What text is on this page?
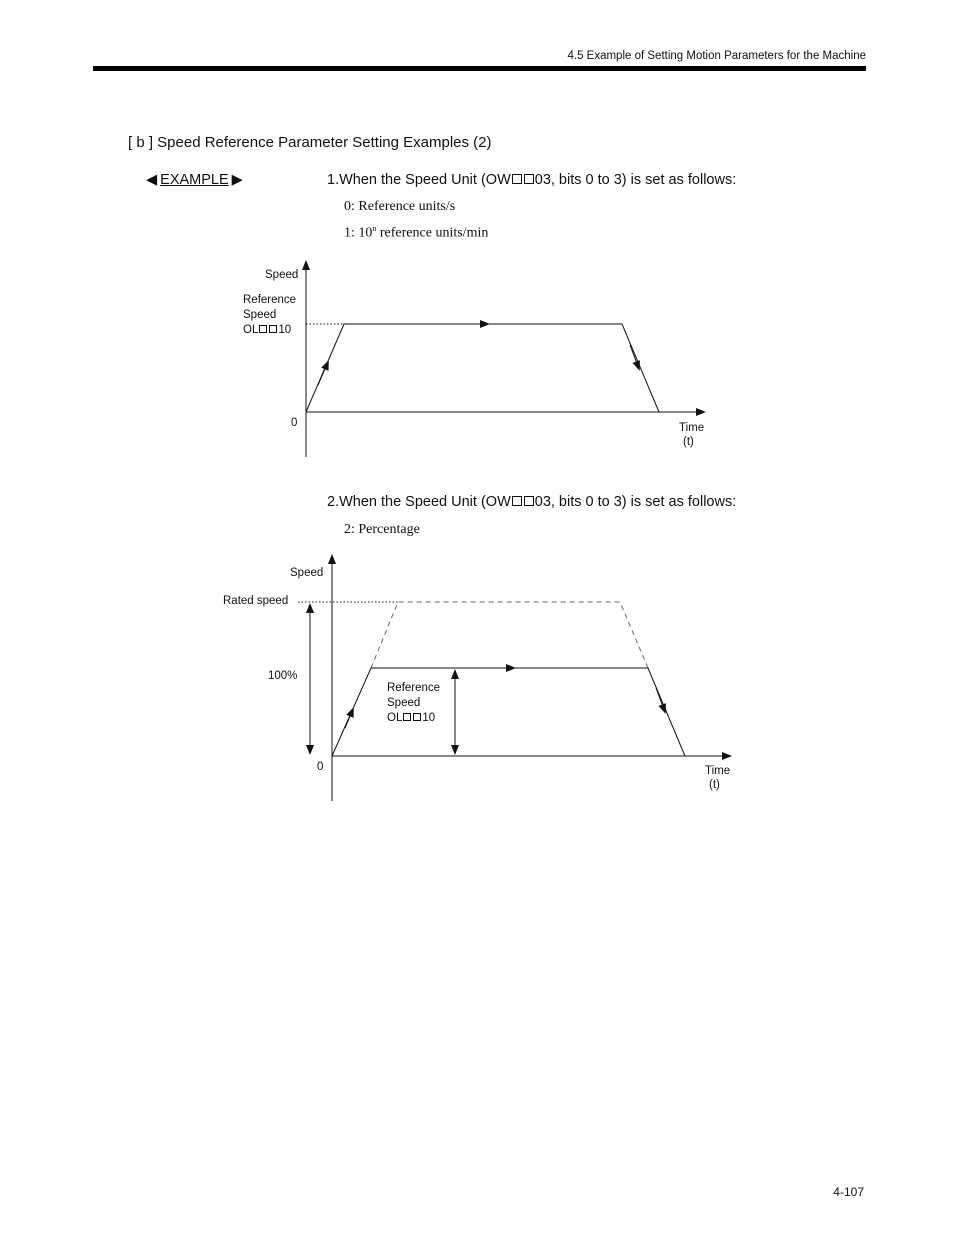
4.5 Example of Setting Motion Parameters for the Machine
[ b ] Speed Reference Parameter Setting Examples (2)
◀ EXAMPLE ▶	1.When the Speed Unit (OW 03, bits 0 to 3) is set as follows:
0: Reference units/s
1: 10$^n$ reference units/min
Speed
Reference
Speed
OL 10
0	Time
(t)
2.When the Speed Unit (OW 03, bits 0 to 3) is set as follows:
2: Percentage
Speed
Rated speed
100%
Reference
Speed
OL 10
0	Time
(t)
4-107
